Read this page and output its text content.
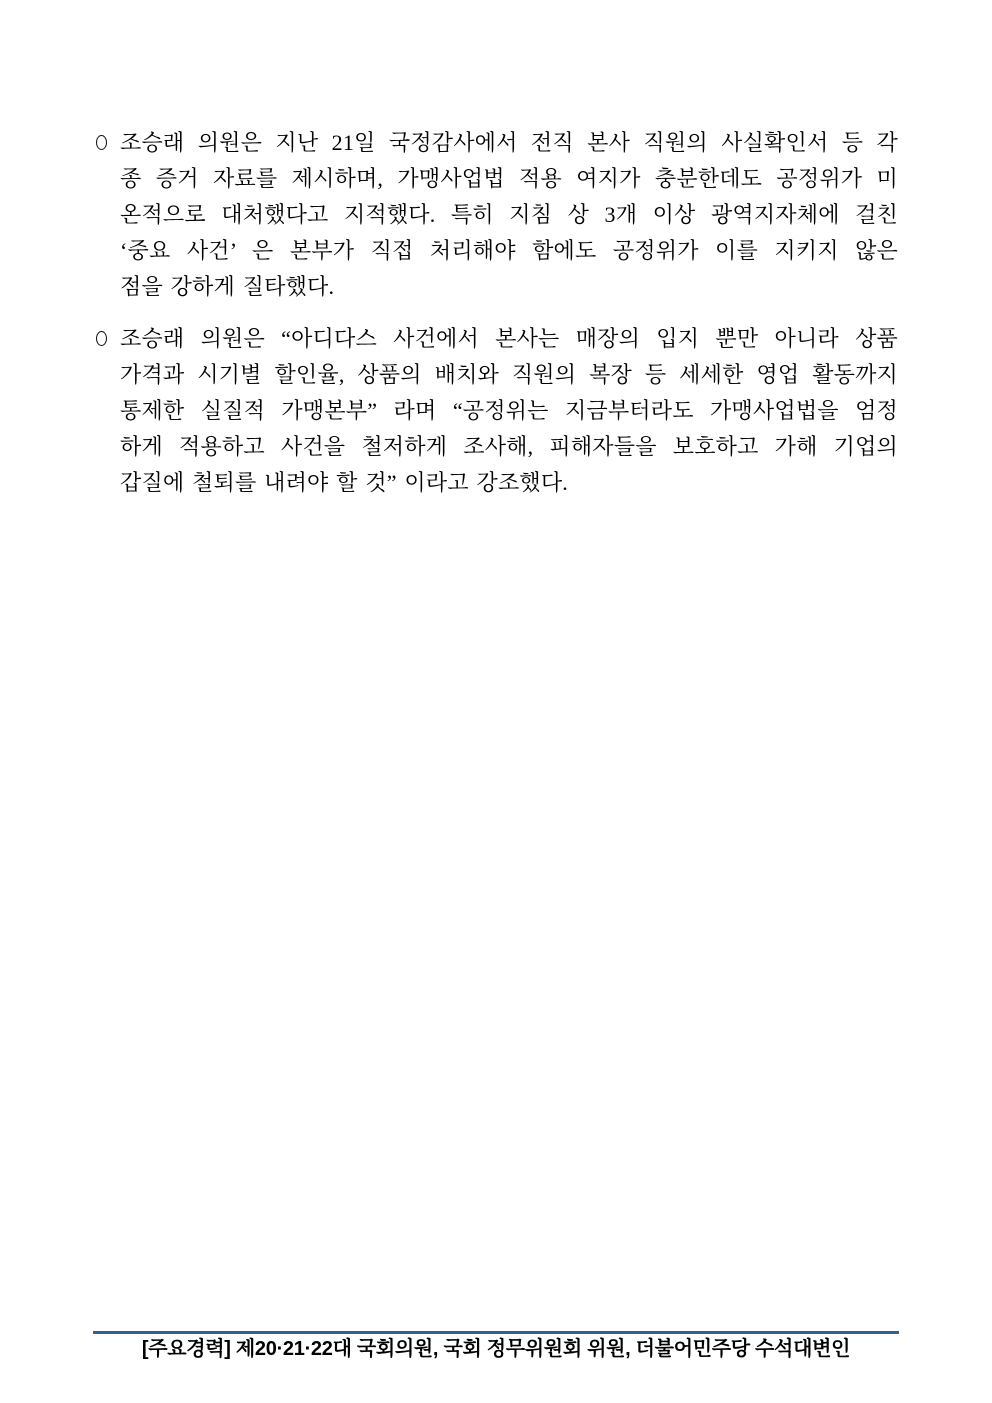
조승래 의원은 지난 21일 국정감사에서 전직 본사 직원의 사실확인서 등 각
종 증거 자료를 제시하며, 가맹사업법 적용 여지가 충분한데도 공정위가 미
온적으로 대처했다고 지적했다. 특히 지침 상 3개 이상 광역지자체에 걸친
‘중요 사건’ 은 본부가 직접 처리해야 함에도 공정위가 이를 지키지 않은
점을 강하게 질타했다.
조승래 의원은 “아디다스 사건에서 본사는 매장의 입지 뿐만 아니라 상품
가격과 시기별 할인율, 상품의 배치와 직원의 복장 등 세세한 영업 활동까지
통제한 실질적 가맹본부” 라며 “공정위는 지금부터라도 가맹사업법을 엄정
하게 적용하고 사건을 철저하게 조사해, 피해자들을 보호하고 가해 기업의
갑질에 철퇴를 내려야 할 것” 이라고 강조했다.
[주요경력] 제20·21·22대 국회의원, 국회 정무위원회 위원, 더불어민주당 수석대변인
